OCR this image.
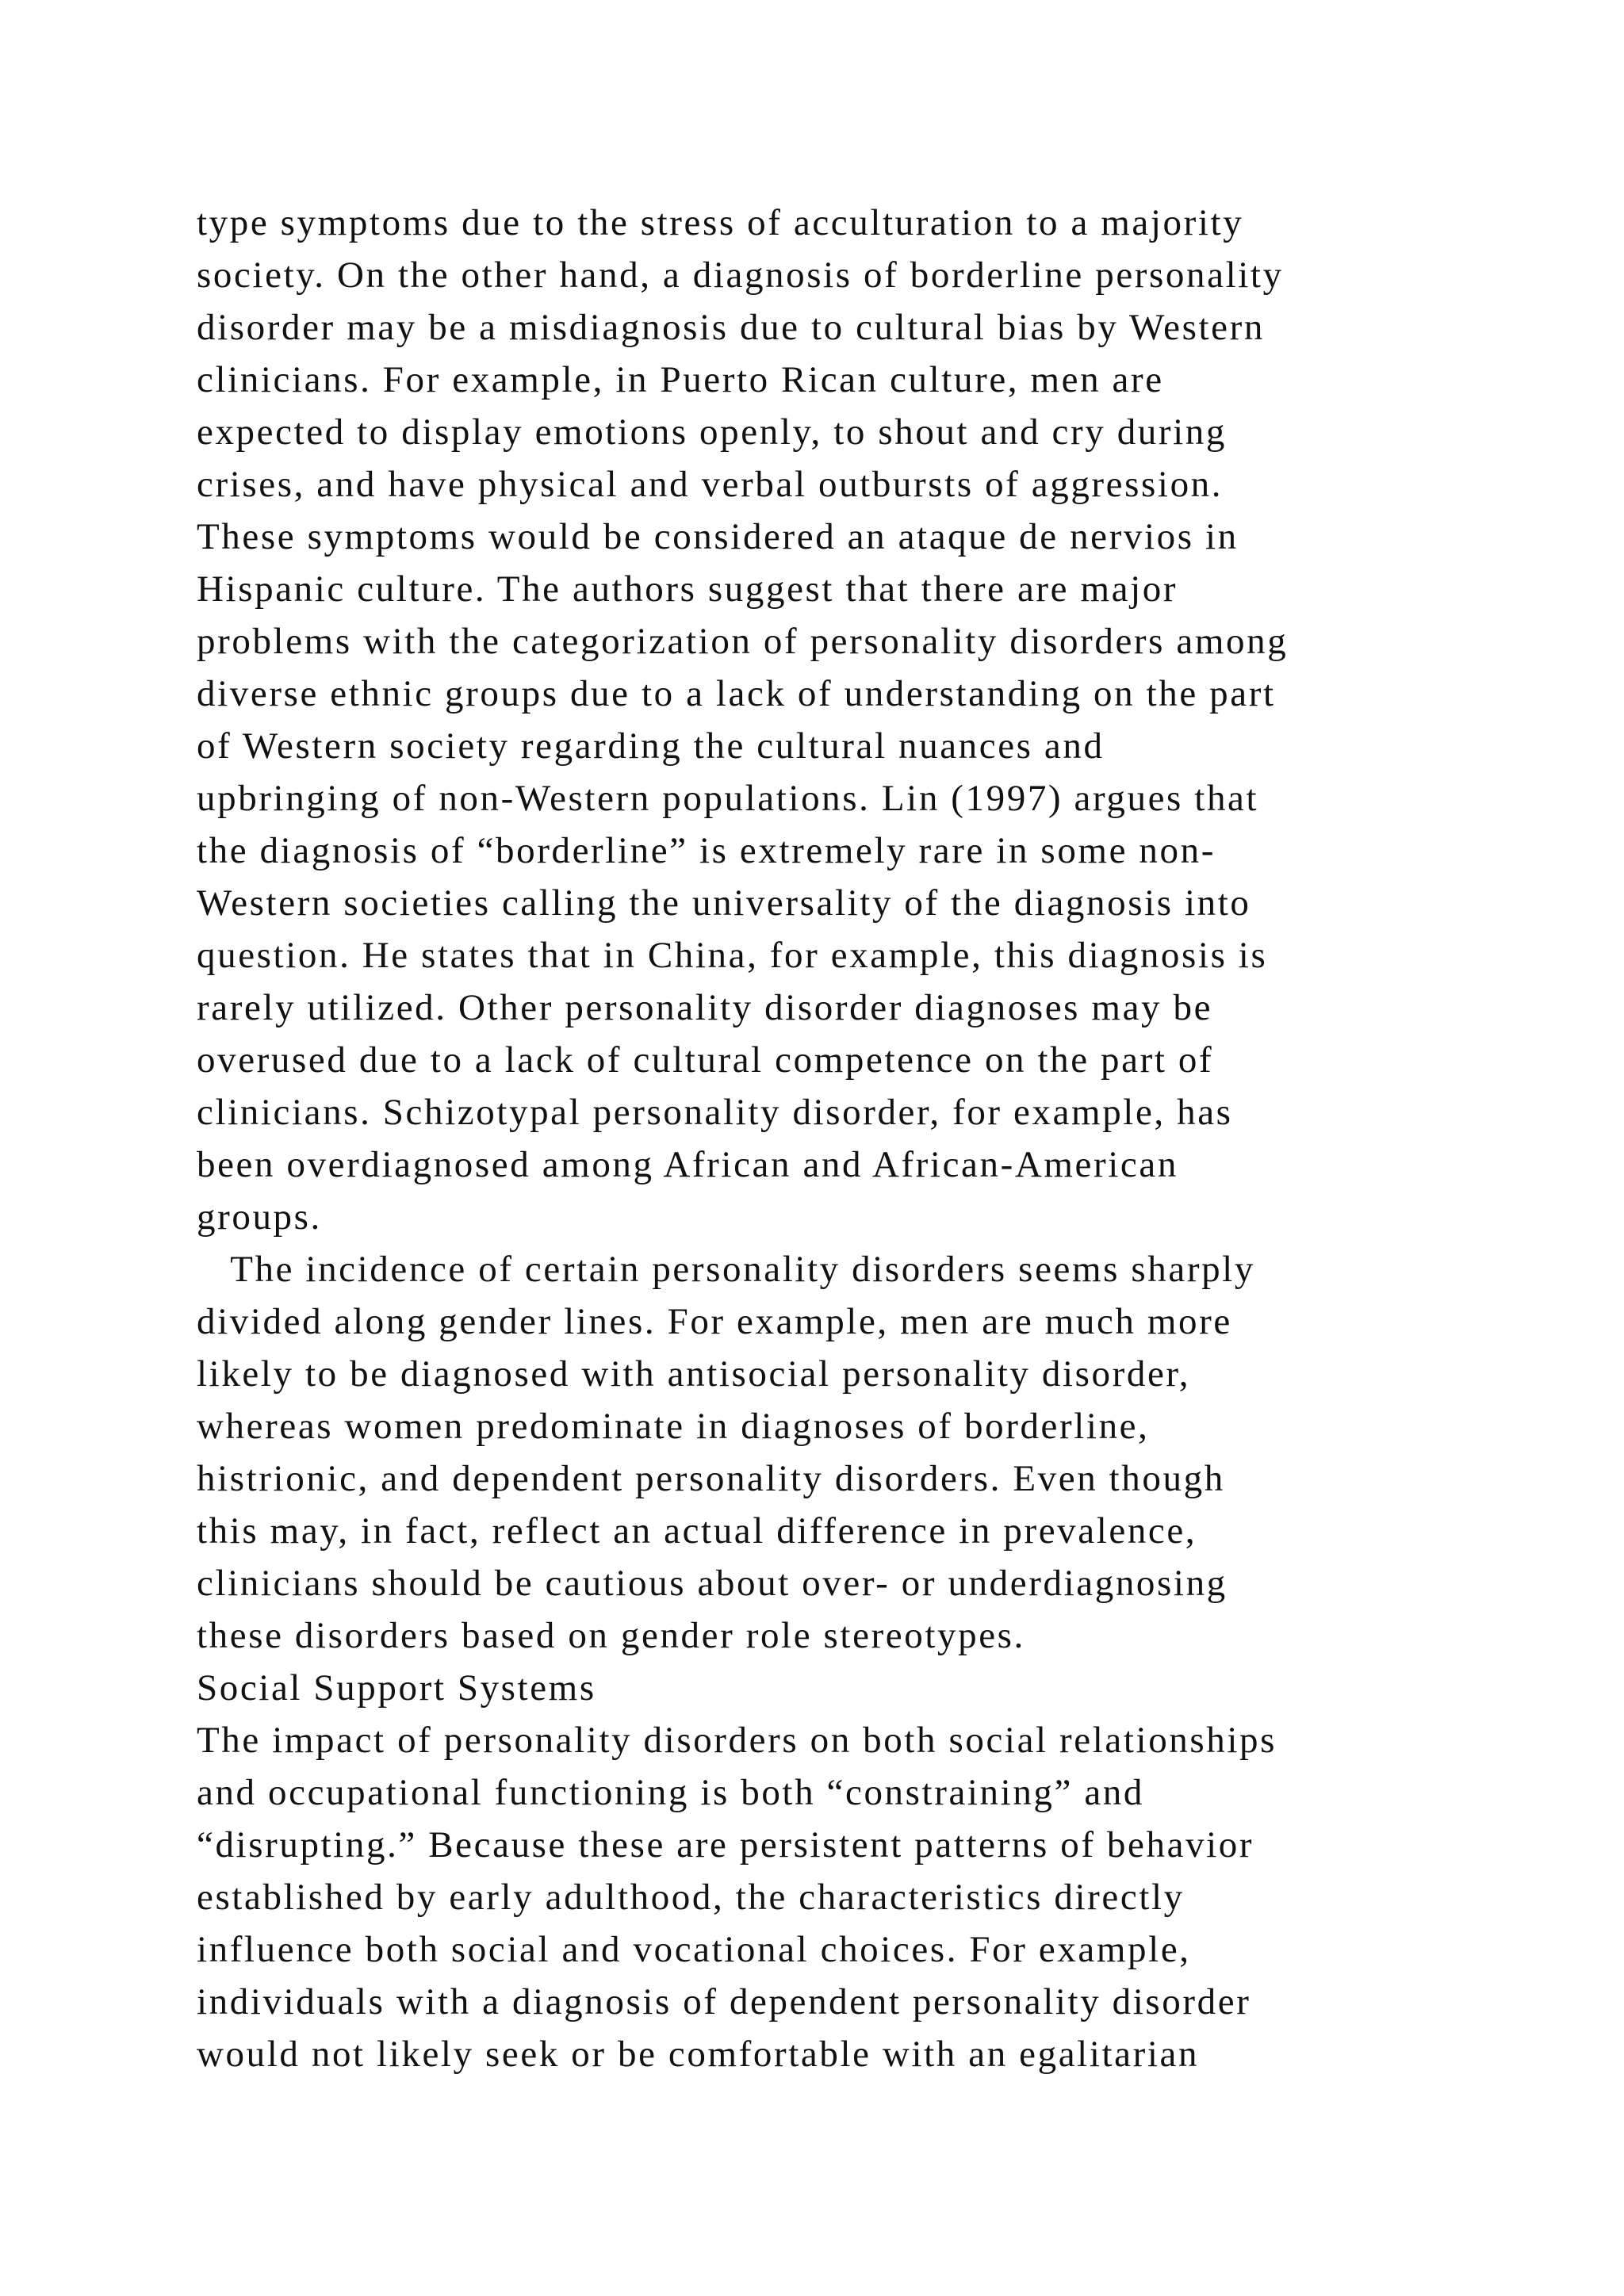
type symptoms due to the stress of acculturation to a majority
society. On the other hand, a diagnosis of borderline personality
disorder may be a misdiagnosis due to cultural bias by Western
clinicians. For example, in Puerto Rican culture, men are
expected to display emotions openly, to shout and cry during
crises, and have physical and verbal outbursts of aggression.
These symptoms would be considered an ataque de nervios in
Hispanic culture. The authors suggest that there are major
problems with the categorization of personality disorders among
diverse ethnic groups due to a lack of understanding on the part
of Western society regarding the cultural nuances and
upbringing of non-Western populations. Lin (1997) argues that
the diagnosis of “borderline” is extremely rare in some non-
Western societies calling the universality of the diagnosis into
question. He states that in China, for example, this diagnosis is
rarely utilized. Other personality disorder diagnoses may be
overused due to a lack of cultural competence on the part of
clinicians. Schizotypal personality disorder, for example, has
been overdiagnosed among African and African-American
groups.
The incidence of certain personality disorders seems sharply
divided along gender lines. For example, men are much more
likely to be diagnosed with antisocial personality disorder,
whereas women predominate in diagnoses of borderline,
histrionic, and dependent personality disorders. Even though
this may, in fact, reflect an actual difference in prevalence,
clinicians should be cautious about over- or underdiagnosing
these disorders based on gender role stereotypes.
Social Support Systems
The impact of personality disorders on both social relationships
and occupational functioning is both “constraining” and
“disrupting.” Because these are persistent patterns of behavior
established by early adulthood, the characteristics directly
influence both social and vocational choices. For example,
individuals with a diagnosis of dependent personality disorder
would not likely seek or be comfortable with an egalitarian
